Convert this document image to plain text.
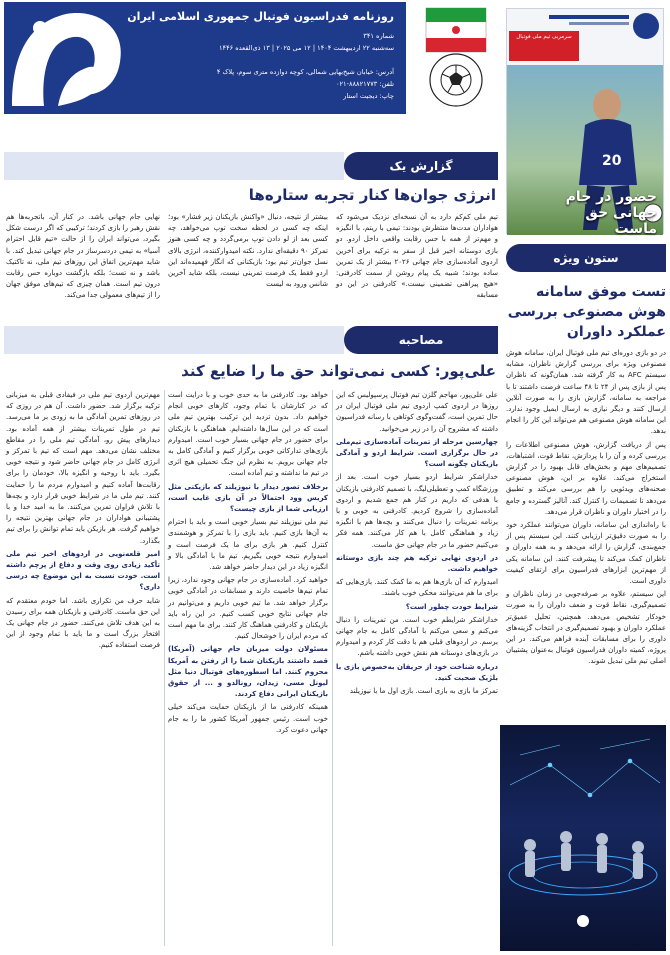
روزنامه فدراسیون فوتبال جمهوری اسلامی ایران
شماره ۳۴۱
سه‌شنبه ۲۲ اردیبهشت ۱۴۰۴ | ۱۲ می ۲۰۲۵ | ۱۳ ذی‌القعده ۱۴۴۶
آدرس: خیابان شیخ‌بهایی شمالی، کوچه دوازده متری سوم، پلاک ۴
تلفن: ۸۸۸۲۱۷۷۳-۰۲۱
چاپ: دیجیت استار
سرمربی تیم ملی فوتبال
20
حضور در جام جهانی حق ماست
گزارش یک
انرژی جوان‌ها کنار تجربه ستاره‌ها
تیم ملی کم‌کم دارد به آن نسخه‌ای نزدیک می‌شود که هواداران مدت‌ها منتظرش بودند: تیمی با ریتم، با انگیزه و مهم‌تر از همه با حس رقابت واقعی داخل اردو. دو بازی دوستانه اخیر قبل از سفر به ترکیه برای آخرین اردوی آماده‌سازی جام جهانی ۲۰۲۶ بیشتر از یک تمرین ساده بودند؛ شبیه یک پیام روشن از سمت کادرفنی: «هیچ پیراهنی تضمینی نیست.» کادرفنی در این دو مسابقه
بیشتر از نتیجه، دنبال «واکنش بازیکنان زیر فشار» بود؛ اینکه چه کسی در لحظه سخت توپ می‌خواهد، چه کسی بعد از لو دادن توپ برمی‌گردد و چه کسی هنوز تمرکز ۹۰ دقیقه‌ای ندارد. نکته امیدوارکننده، انرژی بالای نسل جوان‌تر تیم بود؛ بازیکنانی که انگار فهمیده‌اند این اردو فقط یک فرصت تمرینی نیست، بلکه شاید آخرین شانس ورود به لیست
نهایی جام جهانی باشد. در کنار آن، باتجربه‌ها هم نقش رهبر را بازی کردند؛ ترکیبی که اگر درست شکل بگیرد، می‌تواند ایران را از حالت «تیم قابل احترام آسیا» به تیمی دردسرساز در جام جهانی تبدیل کند. با شاید مهم‌ترین اتفاق این روزهای تیم ملی، نه تاکتیک باشد و نه تست؛ بلکه بازگشت دوباره حس رقابت درون تیم است. همان چیزی که تیم‌های موفق جهان را از تیم‌های معمولی جدا می‌کند.
مصاحبه
علی‌پور: کسی نمی‌تواند حق ما را ضایع کند

علی علی‌پور، مهاجم گلزن تیم فوتبال پرسپولیس که این روزها در اردوی کمپ اردوی تیم ملی فوتبال ایران در حال تمرین است، گفت‌وگوی کوتاهی با رسانه فدراسیون داشته که مشروح آن را در زیر می‌خوانید.

چهارسین مرحله از تمرینات آماده‌سازی تیم‌ملی در حال برگزاری است. شرایط اردو و آمادگی بازیکنان چگونه است؟

خداراشکر شرایط اردو بسیار خوب است. بعد از ورزشگاه کمپ و تعطیلی‌لیگ، با تصمیم کادرفنی بازیکنان با هدفی که داریم در کنار هم جمع شدیم و اردوی آماده‌سازی را شروع کردیم. کادرفنی به خوبی و با برنامه تمرینات را دنبال می‌کنند و بچه‌ها هم با انگیزه زیاد و هماهنگی کامل با هم کار می‌کنند. همه فکر می‌کنیم حضور ما در جام جهانی حق ماست.

در اردوی نهایی ترکیه هم چند بازی دوستانه خواهیم داشت.

امیدوارم که آن بازی‌ها هم به ما کمک کنند. بازی‌هایی که برای ما هم می‌توانند محکی خوب باشند.

شرایط خودت چطور است؟

خداراشکر شرایطم خوب است. من تمرینات را دنبال می‌کنم و سعی می‌کنم با آمادگی کامل به جام جهانی برسم. در اردوهای قبلی هم با دقت کار کردم و امیدوارم در بازی‌های دوستانه هم نقش خوبی داشته باشم.

درباره شناخت خود از حریفان به‌خصوص بازی با بلژیک صحبت کنید.

تمرکز ما بازی به بازی است. بازی اول ما با نیوزیلند

خواهد بود. کادرفنی ما به حدی خوب و با درایت است که در کنارشان با تمام وجود، کارهای خوبی انجام خواهیم داد. بدون تردید این ترکیب بهترین تیم ملی است که در این سال‌ها داشته‌ایم. هماهنگی با بازیکنان برای حضور در جام جهانی بسیار خوب است. امیدوارم بازی‌های تدارکاتی خوبی برگزار کنیم و آمادگی کامل به جام جهانی برویم. به نظرم این جنگ تحمیلی هیچ اثری در تیم ما نداشته و تیم آماده است.

برخلاف تصور دیدار با نیوزیلند که بازیکنی مثل کریس وود احتمالاً در آن بازی غایب است، ارزیابی شما از بازی چیست؟

تیم ملی نیوزیلند تیم بسیار خوبی است و باید با احترام به آن‌ها بازی کنیم. باید بازی را با تمرکز و هوشمندی کنترل کنیم. هر بازی برای ما یک فرصت است و امیدوارم نتیجه خوبی بگیریم. تیم ما با آمادگی بالا و انگیزه زیاد در این دیدار حاضر خواهد شد.

خواهید کرد. آماده‌سازی در جام جهانی وجود ندارد، زیرا تمام تیم‌ها خاصیت دارند و مسابقات در آمادگی خوبی برگزار خواهد شد. ما تیم خوبی داریم و می‌توانیم در جام جهانی نتایج خوبی کسب کنیم. در این راه باید بازیکنان و کادرفنی هماهنگ کار کنند. برای ما مهم است که مردم ایران را خوشحال کنیم.

مسئولان دولت میزبان جام جهانی (آمریکا) قصد داشتند بازیکنان شما را از رفتن به آمریکا محروم کنند. اما اسطوره‌های فوتبال دنیا مثل لیونل مسی، زیدان، رونالدو و ... از حقوق بازیکنان ایرانی دفاع کردند.

همینکه کادرفنی ما از بازیکنان حمایت می‌کند خیلی خوب است. رئیس جمهور آمریکا کشور ما را به جام جهانی دعوت کرد.

مهم‌ترین اردوی تیم ملی در فیفادی قبلی به میزبانی ترکیه برگزار شد. حضور داشت. آن هم در روزی که در روزهای تمرین آمادگی ما به زودی بر ما می‌رسد. تیم در طول تمرینات بیشتر از همه آماده بود. دیدارهای پیش رو، آمادگی تیم ملی را در مقاطع مختلف نشان می‌دهد. مهم است که تیم با تمرکز و انرژی کامل در جام جهانی حاضر شود و نتیجه خوبی بگیرد. باید با روحیه و انگیزه بالا، خودمان را برای رقابت‌ها آماده کنیم و امیدوارم مردم ما را حمایت کنند. تیم ملی ما در شرایط خوبی قرار دارد و بچه‌ها با تلاش فراوان تمرین می‌کنند. ما به امید خدا و با پشتیبانی هواداران در جام جهانی بهترین نتیجه را خواهیم گرفت. هر بازیکن باید تمام توانش را برای تیم بگذارد.

امیر قلعه‌نویی در اردوهای اخیر تیم ملی تأکید زیادی روی وقت و دفاع از پرچم داشته است. خودت نسبت به این موضوع چه درسی داری؟

شاید حرف من تکراری باشد. اما خودم معتقدم که این حق ماست. کادرفنی و بازیکنان همه برای رسیدن به این هدف تلاش می‌کنند. حضور در جام جهانی یک افتخار بزرگ است و ما باید با تمام وجود از این فرصت استفاده کنیم.

ستون ویژه
تست موفق سامانه هوش مصنوعی بررسی عملکرد داوران

در دو بازی دوره‌ای تیم ملی فوتبال ایران، سامانه هوش مصنوعی ویژه برای بررسی گزارش ناظران، مشابه سیستم AFC به کار گرفته شد. همان‌گونه که ناظران پس از بازی پس از ۲۴ تا ۴۸ ساعت فرصت داشتند تا با مراجعه به سامانه، گزارش بازی را به صورت آنلاین ارسال کنند و دیگر نیازی به ارسال ایمیل وجود ندارد. این سامانه هوش مصنوعی هم می‌تواند این کار را انجام بدهد.

پس از دریافت گزارش، هوش مصنوعی اطلاعات را بررسی کرده و آن را با پردازش، نقاط قوت، اشتباهات، تصمیم‌های مهم و بخش‌های قابل بهبود را در گزارش استخراج می‌کند. علاوه بر این، هوش مصنوعی صحنه‌های ویدئویی را هم بررسی می‌کند و تطبیق می‌دهد تا تصمیمات را کنترل کند. آنالیز گسترده و جامع را در اختیار داوران و ناظران قرار می‌دهد.

با راه‌اندازی این سامانه، داوران می‌توانند عملکرد خود را به صورت دقیق‌تر ارزیابی کنند. این سیستم پس از جمع‌بندی، گزارش را ارائه می‌دهد و به همه داوران و ناظران کمک می‌کند تا پیشرفت کنند. این سامانه یکی از مهم‌ترین ابزارهای فدراسیون برای ارتقای کیفیت داوری است.

این سیستم، علاوه بر صرفه‌جویی در زمان ناظران و تصمیم‌گیری، نقاط قوت و ضعف داوران را به صورت خودکار تشخیص می‌دهد. همچنین، تحلیل عمیق‌تر عملکرد داوران و بهبود تصمیم‌گیری در انتخاب گزینه‌های داوری را برای مسابقات آینده فراهم می‌کند. در این پروژه، کمیته داوران فدراسیون فوتبال به‌عنوان پشتیبان اصلی تیم ملی تبدیل شوند.
